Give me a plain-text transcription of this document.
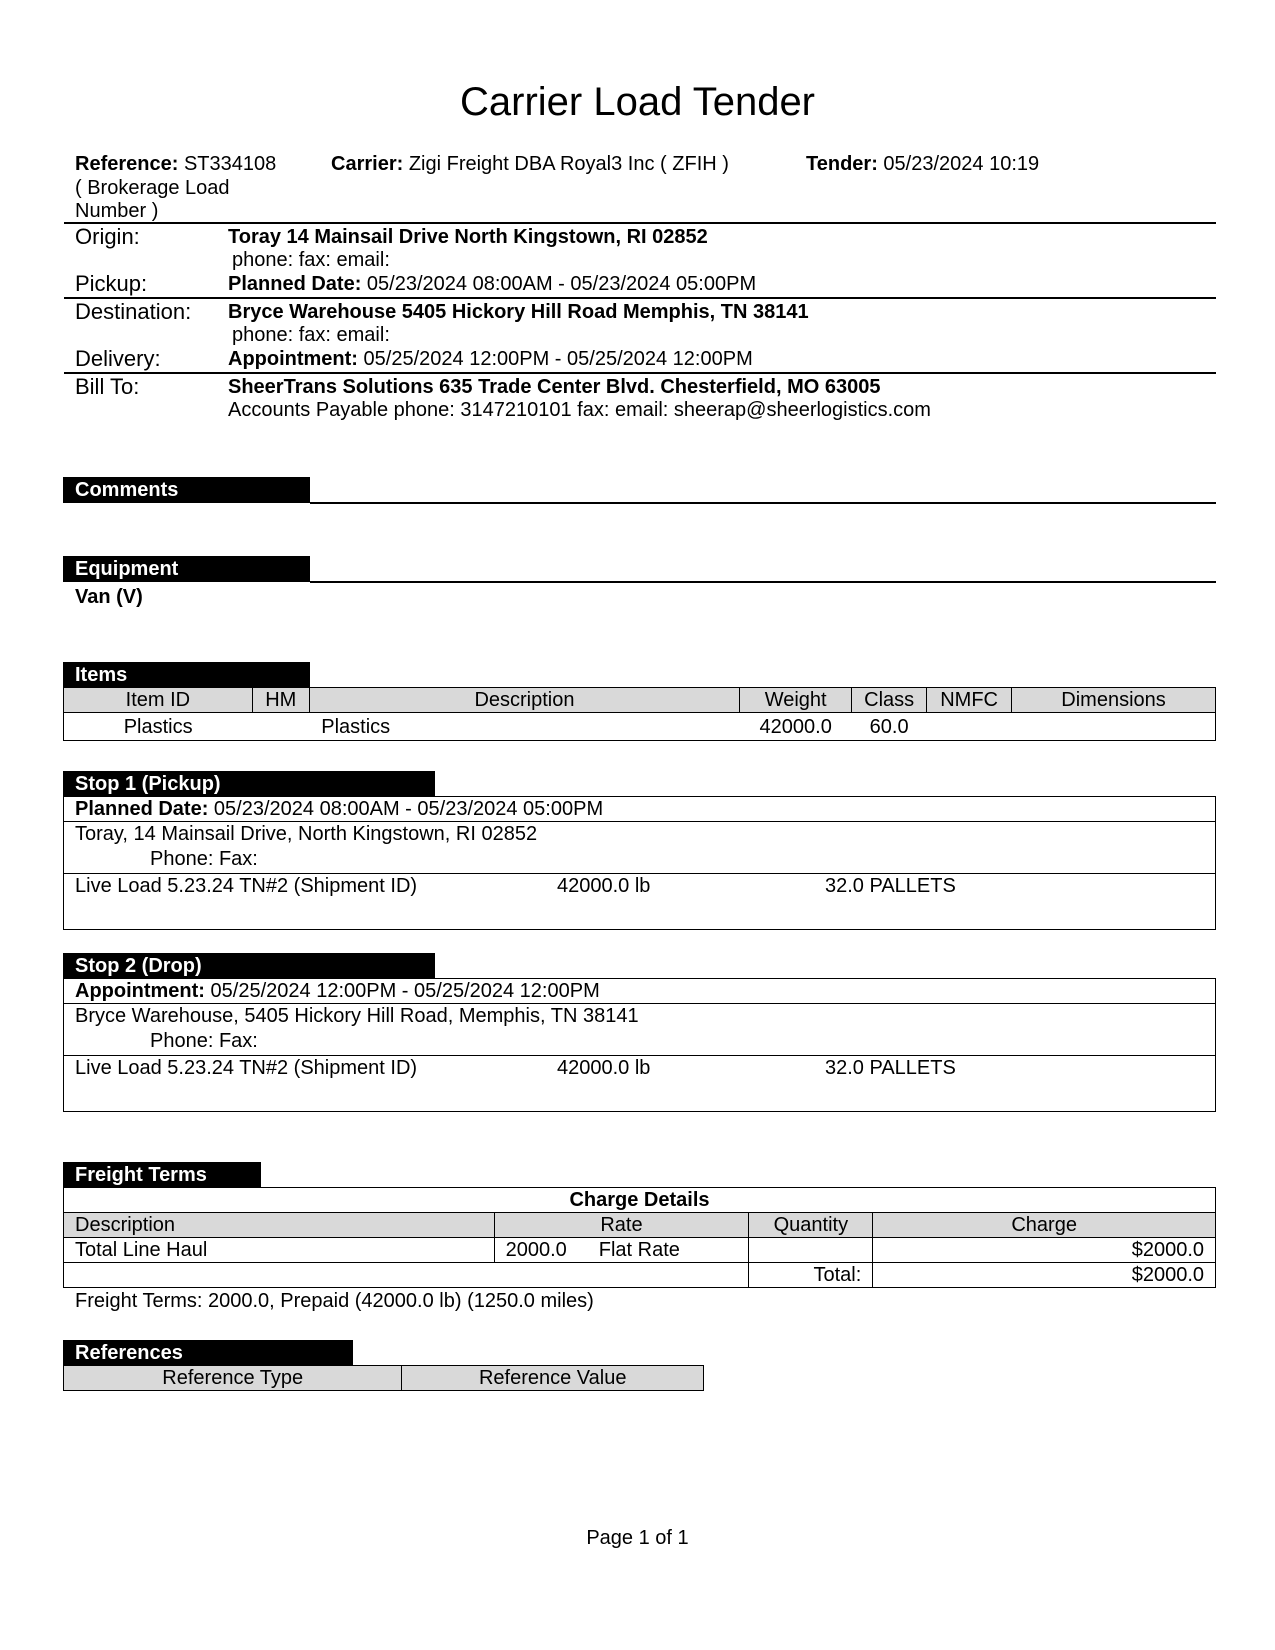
Carrier Load Tender
Reference: ST334108
( Brokerage Load
Number )
Carrier: Zigi Freight DBA Royal3 Inc ( ZFIH )	Tender: 05/23/2024 10:19
Origin:	Toray 14 Mainsail Drive North Kingstown, RI 02852
phone: fax: email:
Pickup:	Planned Date: 05/23/2024 08:00AM - 05/23/2024 05:00PM
Destination: Bryce Warehouse 5405 Hickory Hill Road Memphis, TN 38141
phone: fax: email:
Delivery:	Appointment: 05/25/2024 12:00PM - 05/25/2024 12:00PM
Bill To:	SheerTrans Solutions 635 Trade Center Blvd. Chesterfield, MO 63005
Accounts Payable phone: 3147210101 fax: email: sheerap@sheerlogistics.com
Comments
Equipment
Van (V)
Items
Item ID	HM	Description	Weight	Class	NMFC	Dimensions
Plastics		Plastics	42000.0	60.0		
Stop 1 (Pickup)
Planned Date: 05/23/2024 08:00AM - 05/23/2024 05:00PM
Toray, 14 Mainsail Drive, North Kingstown, RI 02852
Phone: Fax:
Live Load 5.23.24 TN#2 (Shipment ID)	42000.0 lb	32.0 PALLETS
Stop 2 (Drop)
Appointment: 05/25/2024 12:00PM - 05/25/2024 12:00PM
Bryce Warehouse, 5405 Hickory Hill Road, Memphis, TN 38141
Phone: Fax:
Live Load 5.23.24 TN#2 (Shipment ID)	42000.0 lb	32.0 PALLETS
Freight Terms
Charge Details			
Description	Rate	Quantity	Charge
Total Line Haul	2000.0 Flat Rate		$2000.0
		Total:	$2000.0
Freight Terms: 2000.0, Prepaid (42000.0 lb) (1250.0 miles)
References
Reference Type	Reference Value
Page 1 of 1
